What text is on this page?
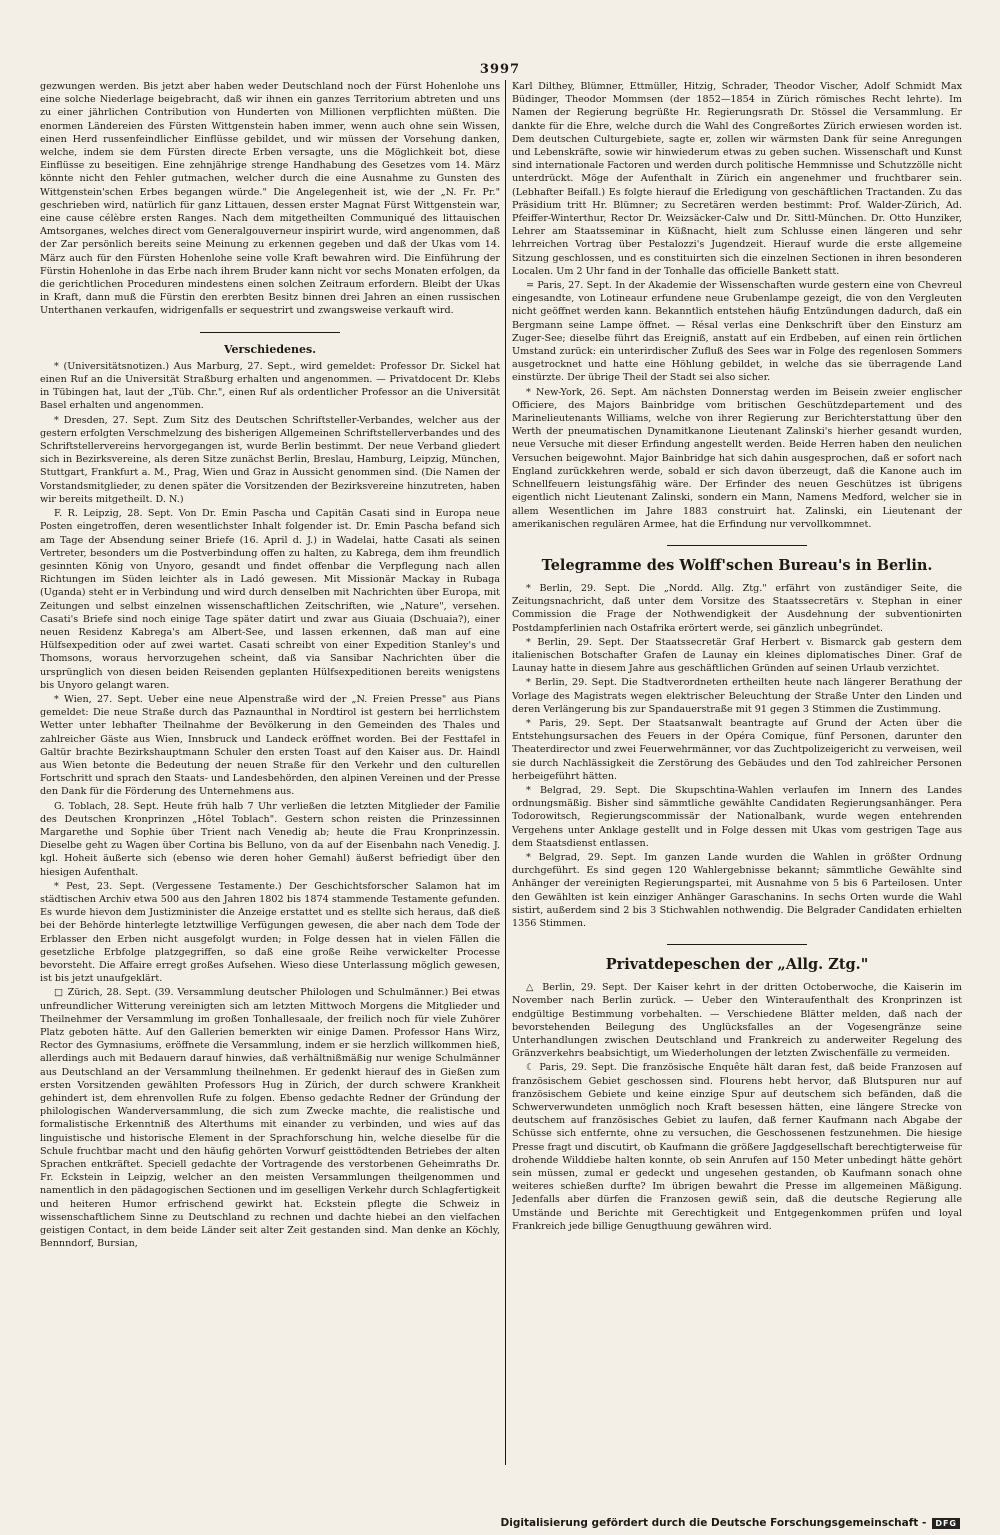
3997

gezwungen werden. Bis jetzt aber haben weder Deutschland noch der Fürst Hohenlohe uns eine solche Niederlage beigebracht, daß wir ihnen ein ganzes Territorium abtreten und uns zu einer jährlichen Contribution von Hunderten von Millionen verpflichten müßten. Die enormen Ländereien des Fürsten Wittgenstein haben immer, wenn auch ohne sein Wissen, einen Herd russenfeindlicher Einflüsse gebildet, und wir müssen der Vorsehung danken, welche, indem sie dem Fürsten directe Erben versagte, uns die Möglichkeit bot, diese Einflüsse zu beseitigen. Eine zehnjährige strenge Handhabung des Gesetzes vom 14. März könnte nicht den Fehler gutmachen, welcher durch die eine Ausnahme zu Gunsten des Wittgenstein'schen Erbes begangen würde." Die Angelegenheit ist, wie der „N. Fr. Pr." geschrieben wird, natürlich für ganz Littauen, dessen erster Magnat Fürst Wittgenstein war, eine cause célèbre ersten Ranges. Nach dem mitgetheilten Communiqué des littauischen Amtsorganes, welches direct vom Generalgouverneur inspirirt wurde, wird angenommen, daß der Zar persönlich bereits seine Meinung zu erkennen gegeben und daß der Ukas vom 14. März auch für den Fürsten Hohenlohe seine volle Kraft bewahren wird. Die Einführung der Fürstin Hohenlohe in das Erbe nach ihrem Bruder kann nicht vor sechs Monaten erfolgen, da die gerichtlichen Proceduren mindestens einen solchen Zeitraum erfordern. Bleibt der Ukas in Kraft, dann muß die Fürstin den ererbten Besitz binnen drei Jahren an einen russischen Unterthanen verkaufen, widrigenfalls er sequestrirt und zwangsweise verkauft wird.

Verschiedenes.

* (Universitätsnotizen.) Aus Marburg, 27. Sept., wird gemeldet: Professor Dr. Sickel hat einen Ruf an die Universität Straßburg erhalten und angenommen. — Privatdocent Dr. Klebs in Tübingen hat, laut der „Tüb. Chr.", einen Ruf als ordentlicher Professor an die Universität Basel erhalten und angenommen.

* Dresden, 27. Sept. Zum Sitz des Deutschen Schriftsteller-Verbandes, welcher aus der gestern erfolgten Verschmelzung des bisherigen Allgemeinen Schriftstellerverbandes und des Schriftstellervereins hervorgegangen ist, wurde Berlin bestimmt. Der neue Verband gliedert sich in Bezirksvereine, als deren Sitze zunächst Berlin, Breslau, Hamburg, Leipzig, München, Stuttgart, Frankfurt a. M., Prag, Wien und Graz in Aussicht genommen sind. (Die Namen der Vorstandsmitglieder, zu denen später die Vorsitzenden der Bezirksvereine hinzutreten, haben wir bereits mitgetheilt. D. N.)

F. R. Leipzig, 28. Sept. Von Dr. Emin Pascha und Capitän Casati sind in Europa neue Posten eingetroffen, deren wesentlichster Inhalt folgender ist. Dr. Emin Pascha befand sich am Tage der Absendung seiner Briefe (16. April d. J.) in Wadelai, hatte Casati als seinen Vertreter, besonders um die Postverbindung offen zu halten, zu Kabrega, dem ihm freundlich gesinnten König von Unyoro, gesandt und findet offenbar die Verpflegung nach allen Richtungen im Süden leichter als in Ladó gewesen. Mit Missionär Mackay in Rubaga (Uganda) steht er in Verbindung und wird durch denselben mit Nachrichten über Europa, mit Zeitungen und selbst einzelnen wissenschaftlichen Zeitschriften, wie „Nature", versehen. Casati's Briefe sind noch einige Tage später datirt und zwar aus Giuaia (Dschuaia?), einer neuen Residenz Kabrega's am Albert-See, und lassen erkennen, daß man auf eine Hülfsexpedition oder auf zwei wartet. Casati schreibt von einer Expedition Stanley's und Thomsons, woraus hervorzugehen scheint, daß via Sansibar Nachrichten über die ursprünglich von diesen beiden Reisenden geplanten Hülfsexpeditionen bereits wenigstens bis Unyoro gelangt waren.

* Wien, 27. Sept. Ueber eine neue Alpenstraße wird der „N. Freien Presse" aus Pians gemeldet: Die neue Straße durch das Paznaunthal in Nordtirol ist gestern bei herrlichstem Wetter unter lebhafter Theilnahme der Bevölkerung in den Gemeinden des Thales und zahlreicher Gäste aus Wien, Innsbruck und Landeck eröffnet worden. Bei der Festtafel in Galtür brachte Bezirkshauptmann Schuler den ersten Toast auf den Kaiser aus. Dr. Haindl aus Wien betonte die Bedeutung der neuen Straße für den Verkehr und den culturellen Fortschritt und sprach den Staats- und Landesbehörden, den alpinen Vereinen und der Presse den Dank für die Förderung des Unternehmens aus.

G. Toblach, 28. Sept. Heute früh halb 7 Uhr verließen die letzten Mitglieder der Familie des Deutschen Kronprinzen „Hôtel Toblach". Gestern schon reisten die Prinzessinnen Margarethe und Sophie über Trient nach Venedig ab; heute die Frau Kronprinzessin. Dieselbe geht zu Wagen über Cortina bis Belluno, von da auf der Eisenbahn nach Venedig. J. kgl. Hoheit äußerte sich (ebenso wie deren hoher Gemahl) äußerst befriedigt über den hiesigen Aufenthalt.

* Pest, 23. Sept. (Vergessene Testamente.) Der Geschichtsforscher Salamon hat im städtischen Archiv etwa 500 aus den Jahren 1802 bis 1874 stammende Testamente gefunden. Es wurde hievon dem Justizminister die Anzeige erstattet und es stellte sich heraus, daß dieß bei der Behörde hinterlegte letztwillige Verfügungen gewesen, die aber nach dem Tode der Erblasser den Erben nicht ausgefolgt wurden; in Folge dessen hat in vielen Fällen die gesetzliche Erbfolge platzgegriffen, so daß eine große Reihe verwickelter Processe bevorsteht. Die Affaire erregt großes Aufsehen. Wieso diese Unterlassung möglich gewesen, ist bis jetzt unaufgeklärt.

□ Zürich, 28. Sept. (39. Versammlung deutscher Philologen und Schulmänner.) Bei etwas unfreundlicher Witterung vereinigten sich am letzten Mittwoch Morgens die Mitglieder und Theilnehmer der Versammlung im großen Tonhallesaale, der freilich noch für viele Zuhörer Platz geboten hätte. Auf den Gallerien bemerkten wir einige Damen. Professor Hans Wirz, Rector des Gymnasiums, eröffnete die Versammlung, indem er sie herzlich willkommen hieß, allerdings auch mit Bedauern darauf hinwies, daß verhältnißmäßig nur wenige Schulmänner aus Deutschland an der Versammlung theilnehmen. Er gedenkt hierauf des in Gießen zum ersten Vorsitzenden gewählten Professors Hug in Zürich, der durch schwere Krankheit gehindert ist, dem ehrenvollen Rufe zu folgen. Ebenso gedachte Redner der Gründung der philologischen Wanderversammlung, die sich zum Zwecke machte, die realistische und formalistische Erkenntniß des Alterthums mit einander zu verbinden, und wies auf das linguistische und historische Element in der Sprachforschung hin, welche dieselbe für die Schule fruchtbar macht und den häufig gehörten Vorwurf geisttödtenden Betriebes der alten Sprachen entkräftet. Speciell gedachte der Vortragende des verstorbenen Geheimraths Dr. Fr. Eckstein in Leipzig, welcher an den meisten Versammlungen theilgenommen und namentlich in den pädagogischen Sectionen und im geselligen Verkehr durch Schlagfertigkeit und heiteren Humor erfrischend gewirkt hat. Eckstein pflegte die Schweiz in wissenschaftlichem Sinne zu Deutschland zu rechnen und dachte hiebei an den vielfachen geistigen Contact, in dem beide Länder seit alter Zeit gestanden sind. Man denke an Köchly, Bennndorf, Bursian,

Karl Dilthey, Blümner, Ettmüller, Hitzig, Schrader, Theodor Vischer, Adolf Schmidt Max Büdinger, Theodor Mommsen (der 1852—1854 in Zürich römisches Recht lehrte). Im Namen der Regierung begrüßte Hr. Regierungsrath Dr. Stössel die Versammlung. Er dankte für die Ehre, welche durch die Wahl des Congreßortes Zürich erwiesen worden ist. Dem deutschen Culturgebiete, sagte er, zollen wir wärmsten Dank für seine Anregungen und Lebenskräfte, sowie wir hinwiederum etwas zu geben suchen. Wissenschaft und Kunst sind internationale Factoren und werden durch politische Hemmnisse und Schutzzölle nicht unterdrückt. Möge der Aufenthalt in Zürich ein angenehmer und fruchtbarer sein. (Lebhafter Beifall.) Es folgte hierauf die Erledigung von geschäftlichen Tractanden. Zu das Präsidium tritt Hr. Blümner; zu Secretären werden bestimmt: Prof. Walder-Zürich, Ad. Pfeiffer-Winterthur, Rector Dr. Weizsäcker-Calw und Dr. Sittl-München. Dr. Otto Hunziker, Lehrer am Staatsseminar in Küßnacht, hielt zum Schlusse einen längeren und sehr lehrreichen Vortrag über Pestalozzi's Jugendzeit. Hierauf wurde die erste allgemeine Sitzung geschlossen, und es constituirten sich die einzelnen Sectionen in ihren besonderen Localen. Um 2 Uhr fand in der Tonhalle das officielle Bankett statt.

= Paris, 27. Sept. In der Akademie der Wissenschaften wurde gestern eine von Chevreul eingesandte, von Lotineaur erfundene neue Grubenlampe gezeigt, die von den Vergleuten nicht geöffnet werden kann. Bekanntlich entstehen häufig Entzündungen dadurch, daß ein Bergmann seine Lampe öffnet. — Résal verlas eine Denkschrift über den Einsturz am Zuger-See; dieselbe führt das Ereigniß, anstatt auf ein Erdbeben, auf einen rein örtlichen Umstand zurück: ein unterirdischer Zufluß des Sees war in Folge des regenlosen Sommers ausgetrocknet und hatte eine Höhlung gebildet, in welche das sie überragende Land einstürzte. Der übrige Theil der Stadt sei also sicher.

* New-York, 26. Sept. Am nächsten Donnerstag werden im Beisein zweier englischer Officiere, des Majors Bainbridge vom britischen Geschützdepartement und des Marinelieutenants Williams, welche von ihrer Regierung zur Berichterstattung über den Werth der pneumatischen Dynamitkanone Lieutenant Zalinski's hierher gesandt wurden, neue Versuche mit dieser Erfindung angestellt werden. Beide Herren haben den neulichen Versuchen beigewohnt. Major Bainbridge hat sich dahin ausgesprochen, daß er sofort nach England zurückkehren werde, sobald er sich davon überzeugt, daß die Kanone auch im Schnellfeuern leistungsfähig wäre. Der Erfinder des neuen Geschützes ist übrigens eigentlich nicht Lieutenant Zalinski, sondern ein Mann, Namens Medford, welcher sie in allem Wesentlichen im Jahre 1883 construirt hat. Zalinski, ein Lieutenant der amerikanischen regulären Armee, hat die Erfindung nur vervollkommnet.

Telegramme des Wolff'schen Bureau's in Berlin.

* Berlin, 29. Sept. Die „Nordd. Allg. Ztg." erfährt von zuständiger Seite, die Zeitungsnachricht, daß unter dem Vorsitze des Staatssecretärs v. Stephan in einer Commission die Frage der Nothwendigkeit der Ausdehnung der subventionirten Postdampferlinien nach Ostafrika erörtert werde, sei gänzlich unbegründet.

* Berlin, 29. Sept. Der Staatssecretär Graf Herbert v. Bismarck gab gestern dem italienischen Botschafter Grafen de Launay ein kleines diplomatisches Diner. Graf de Launay hatte in diesem Jahre aus geschäftlichen Gründen auf seinen Urlaub verzichtet.

* Berlin, 29. Sept. Die Stadtverordneten ertheilten heute nach längerer Berathung der Vorlage des Magistrats wegen elektrischer Beleuchtung der Straße Unter den Linden und deren Verlängerung bis zur Spandauerstraße mit 91 gegen 3 Stimmen die Zustimmung.

* Paris, 29. Sept. Der Staatsanwalt beantragte auf Grund der Acten über die Entstehungsursachen des Feuers in der Opéra Comique, fünf Personen, darunter den Theaterdirector und zwei Feuerwehrmänner, vor das Zuchtpolizeigericht zu verweisen, weil sie durch Nachlässigkeit die Zerstörung des Gebäudes und den Tod zahlreicher Personen herbeigeführt hätten.

* Belgrad, 29. Sept. Die Skupschtina-Wahlen verlaufen im Innern des Landes ordnungsmäßig. Bisher sind sämmtliche gewählte Candidaten Regierungsanhänger. Pera Todorowitsch, Regierungscommissär der Nationalbank, wurde wegen entehrenden Vergehens unter Anklage gestellt und in Folge dessen mit Ukas vom gestrigen Tage aus dem Staatsdienst entlassen.

* Belgrad, 29. Sept. Im ganzen Lande wurden die Wahlen in größter Ordnung durchgeführt. Es sind gegen 120 Wahlergebnisse bekannt; sämmtliche Gewählte sind Anhänger der vereinigten Regierungspartei, mit Ausnahme von 5 bis 6 Parteilosen. Unter den Gewählten ist kein einziger Anhänger Garaschanins. In sechs Orten wurde die Wahl sistirt, außerdem sind 2 bis 3 Stichwahlen nothwendig. Die Belgrader Candidaten erhielten 1356 Stimmen.

Privatdepeschen der „Allg. Ztg."

△ Berlin, 29. Sept. Der Kaiser kehrt in der dritten Octoberwoche, die Kaiserin im November nach Berlin zurück. — Ueber den Winteraufenthalt des Kronprinzen ist endgültige Bestimmung vorbehalten. — Verschiedene Blätter melden, daß nach der bevorstehenden Beilegung des Unglücksfalles an der Vogesengränze seine Unterhandlungen zwischen Deutschland und Frankreich zu anderweiter Regelung des Gränzverkehrs beabsichtigt, um Wiederholungen der letzten Zwischenfälle zu vermeiden.

☾ Paris, 29. Sept. Die französische Enquête hält daran fest, daß beide Franzosen auf französischem Gebiet geschossen sind. Flourens hebt hervor, daß Blutspuren nur auf französischem Gebiete und keine einzige Spur auf deutschem sich befänden, daß die Schwerverwundeten unmöglich noch Kraft besessen hätten, eine längere Strecke von deutschem auf französisches Gebiet zu laufen, daß ferner Kaufmann nach Abgabe der Schüsse sich entfernte, ohne zu versuchen, die Geschossenen festzunehmen. Die hiesige Presse fragt und discutirt, ob Kaufmann die größere Jagdgesellschaft berechtigterweise für drohende Wilddiebe halten konnte, ob sein Anrufen auf 150 Meter unbedingt hätte gehört sein müssen, zumal er gedeckt und ungesehen gestanden, ob Kaufmann sonach ohne weiteres schießen durfte? Im übrigen bewahrt die Presse im allgemeinen Mäßigung. Jedenfalls aber dürfen die Franzosen gewiß sein, daß die deutsche Regierung alle Umstände und Berichte mit Gerechtigkeit und Entgegenkommen prüfen und loyal Frankreich jede billige Genugthuung gewähren wird.

Digitalisierung gefördert durch die Deutsche Forschungsgemeinschaft -	DFG
